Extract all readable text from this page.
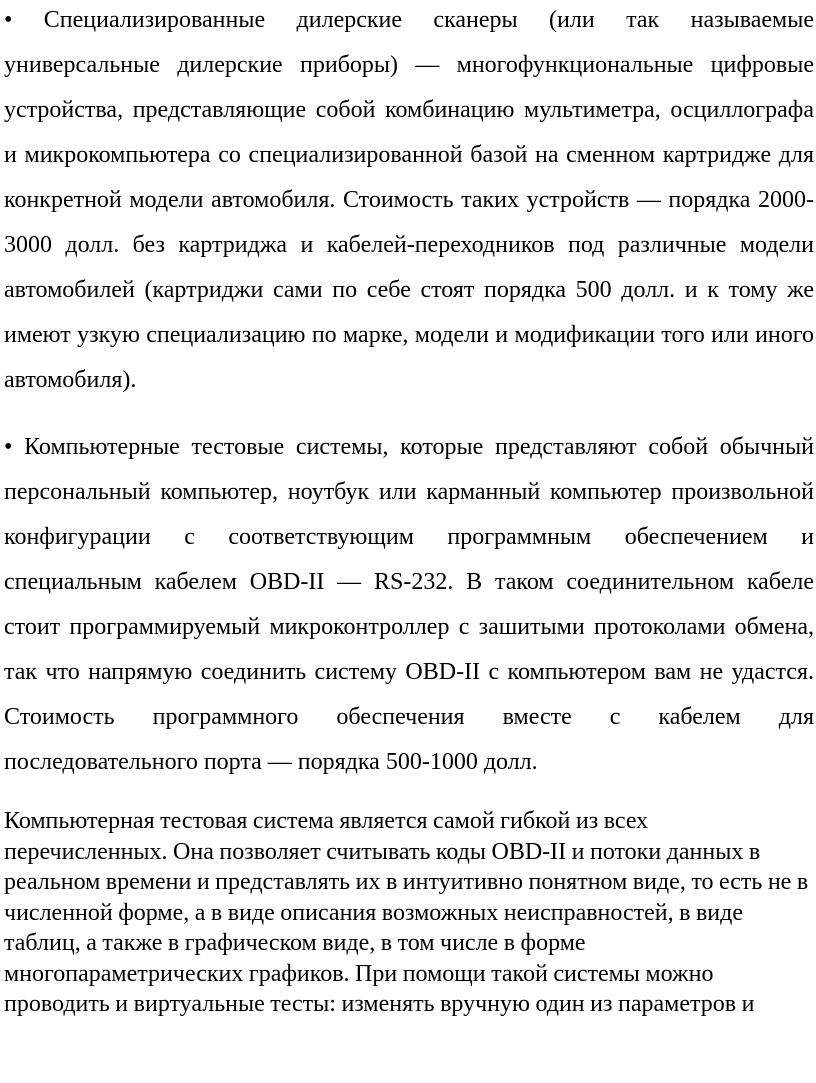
• Специализированные дилерские сканеры (или так называемые универсальные дилерские приборы) — многофункциональные цифровые устройства, представляющие собой комбинацию мультиметра, осциллографа и микрокомпьютера со специализированной базой на сменном картридже для конкретной модели автомобиля. Стоимость таких устройств — порядка 2000-3000 долл. без картриджа и кабелей-переходников под различные модели автомобилей (картриджи сами по себе стоят порядка 500 долл. и к тому же имеют узкую специализацию по марке, модели и модификации того или иного автомобиля).

• Компьютерные тестовые системы, которые представляют собой обычный персональный компьютер, ноутбук или карманный компьютер произвольной конфигурации с соответствующим программным обеспечением и специальным кабелем OBD-II — RS-232. В таком соединительном кабеле стоит программируемый микроконтроллер с зашитыми протоколами обмена, так что напрямую соединить систему OBD-II с компьютером вам не удастся. Стоимость программного обеспечения вместе с кабелем для последовательного порта — порядка 500-1000 долл.

Компьютерная тестовая система является самой гибкой из всех перечисленных. Она позволяет считывать коды OBD-II и потоки данных в реальном времени и представлять их в интуитивно понятном виде, то есть не в численной форме, а в виде описания возможных неисправностей, в виде таблиц, а также в графическом виде, в том числе в форме многопараметрических графиков. При помощи такой системы можно проводить и виртуальные тесты: изменять вручную один из параметров и
